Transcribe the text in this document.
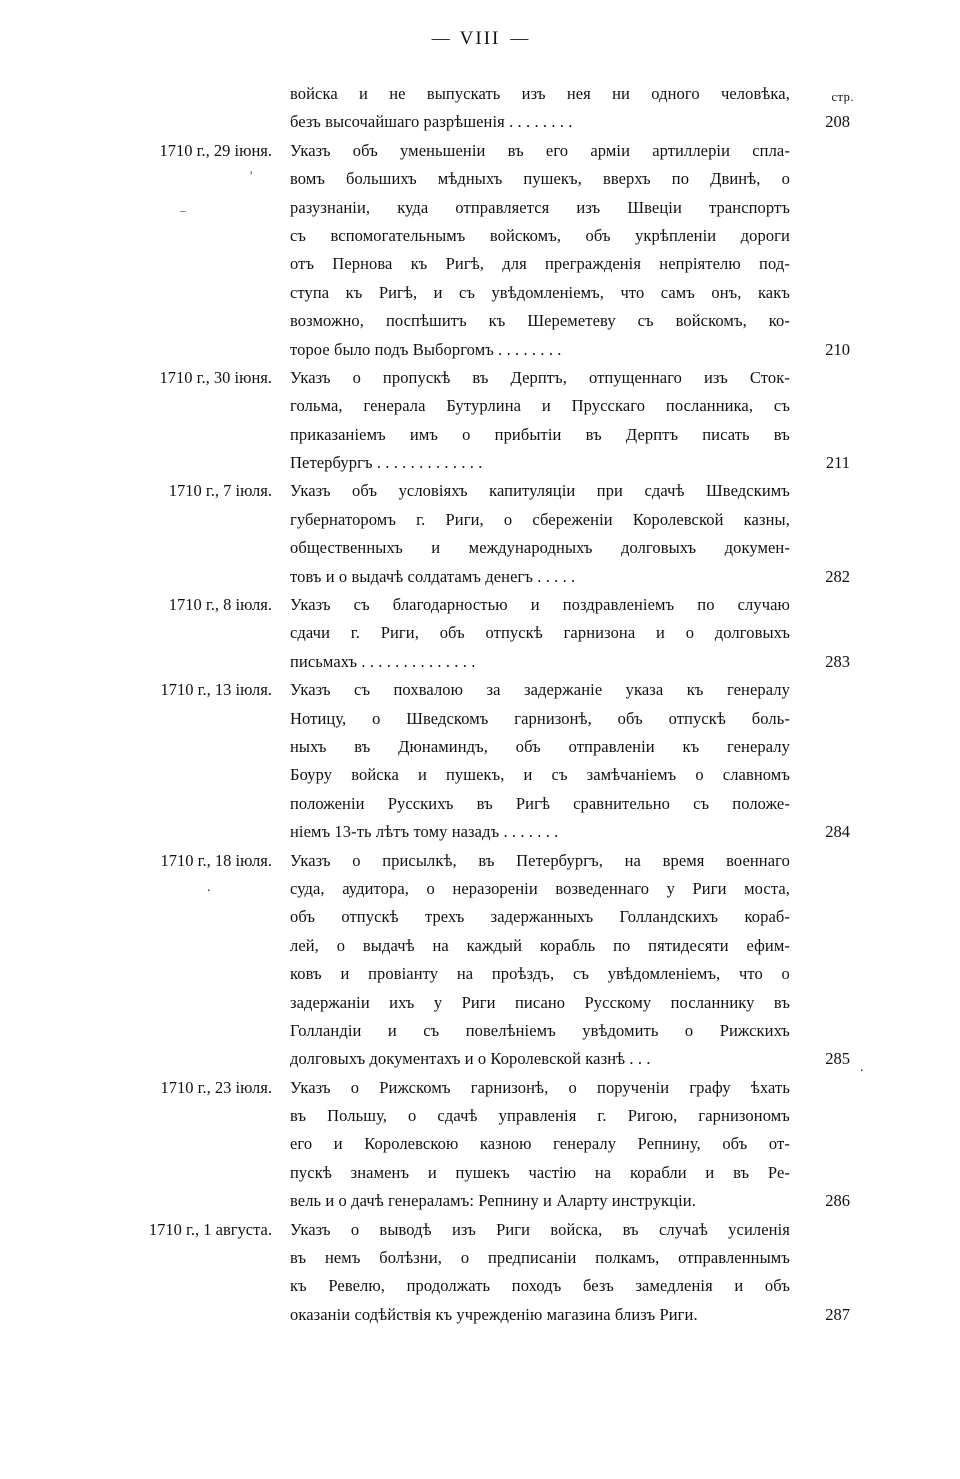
— VIII —
стр.
войска и не выпускать изъ нея ни одного человѣка,
безъ высочайшаго разрѣшенія . . . . . . . .	208
1710 г., 29 іюня.	Указъ объ уменьшеніи въ его арміи артиллеріи спла-
вомъ большихъ мѣдныхъ пушекъ, вверхъ по Двинѣ, о
разузнаніи, куда отправляется изъ Швеціи транспортъ
съ вспомогательнымъ войскомъ, объ укрѣпленіи дороги
отъ Пернова къ Ригѣ, для прегражденія непріятелю под-
ступа къ Ригѣ, и съ увѣдомленіемъ, что самъ онъ, какъ
возможно, поспѣшитъ къ Шереметеву съ войскомъ, ко-
торое было подъ Выборгомъ . . . . . . . .	210
1710 г., 30 іюня.	Указъ о пропускѣ въ Дерптъ, отпущеннаго изъ Сток-
гольма, генерала Бутурлина и Прусскаго посланника, съ
приказаніемъ имъ о прибытіи въ Дерптъ писать въ
Петербургъ . . . . . . . . . . . . .	211
1710 г., 7 іюля.	Указъ объ условіяхъ капитуляціи при сдачѣ Шведскимъ
губернаторомъ г. Риги, о сбереженіи Королевской казны,
общественныхъ и международныхъ долговыхъ докумен-
товъ и о выдачѣ солдатамъ денегъ . . . . .	282
1710 г., 8 іюля.	Указъ съ благодарностью и поздравленіемъ по случаю
сдачи г. Риги, объ отпускѣ гарнизона и о долговыхъ
письмахъ . . . . . . . . . . . . . .	283
1710 г., 13 іюля.	Указъ съ похвалою за задержаніе указа къ генералу
Нотицу, о Шведскомъ гарнизонѣ, объ отпускѣ боль-
ныхъ въ Дюнаминдъ, объ отправленіи къ генералу
Боуру войска и пушекъ, и съ замѣчаніемъ о славномъ
положеніи Русскихъ въ Ригѣ сравнительно съ положе-
ніемъ 13-ть лѣтъ тому назадъ . . . . . . .	284
1710 г., 18 іюля.	Указъ о присылкѣ, въ Петербургъ, на время военнаго
суда, аудитора, о неразореніи возведеннаго у Риги моста,
объ отпускѣ трехъ задержанныхъ Голландскихъ кораб-
лей, о выдачѣ на каждый корабль по пятидесяти ефим-
ковъ и провіанту на проѣздъ, съ увѣдомленіемъ, что о
задержаніи ихъ у Риги писано Русскому посланнику въ
Голландіи и съ повелѣніемъ увѣдомить о Рижскихъ
долговыхъ документахъ и о Королевской казнѣ . . .	285
1710 г., 23 іюля.	Указъ о Рижскомъ гарнизонѣ, о порученіи графу ѣхать
въ Польшу, о сдачѣ управленія г. Ригою, гарнизономъ
его и Королевскою казною генералу Репнину, объ от-
пускѣ знаменъ и пушекъ частію на корабли и въ Ре-
вель и о дачѣ генераламъ: Репнину и Аларту инструкціи.	286
1710 г., 1 августа.	Указъ о выводѣ изъ Риги войска, въ случаѣ усиленія
въ немъ болѣзни, о предписаніи полкамъ, отправленнымъ
къ Ревелю, продолжать походъ безъ замедленія и объ
оказаніи содѣйствія къ учрежденію магазина близъ Риги.	287
'
–
.
.
